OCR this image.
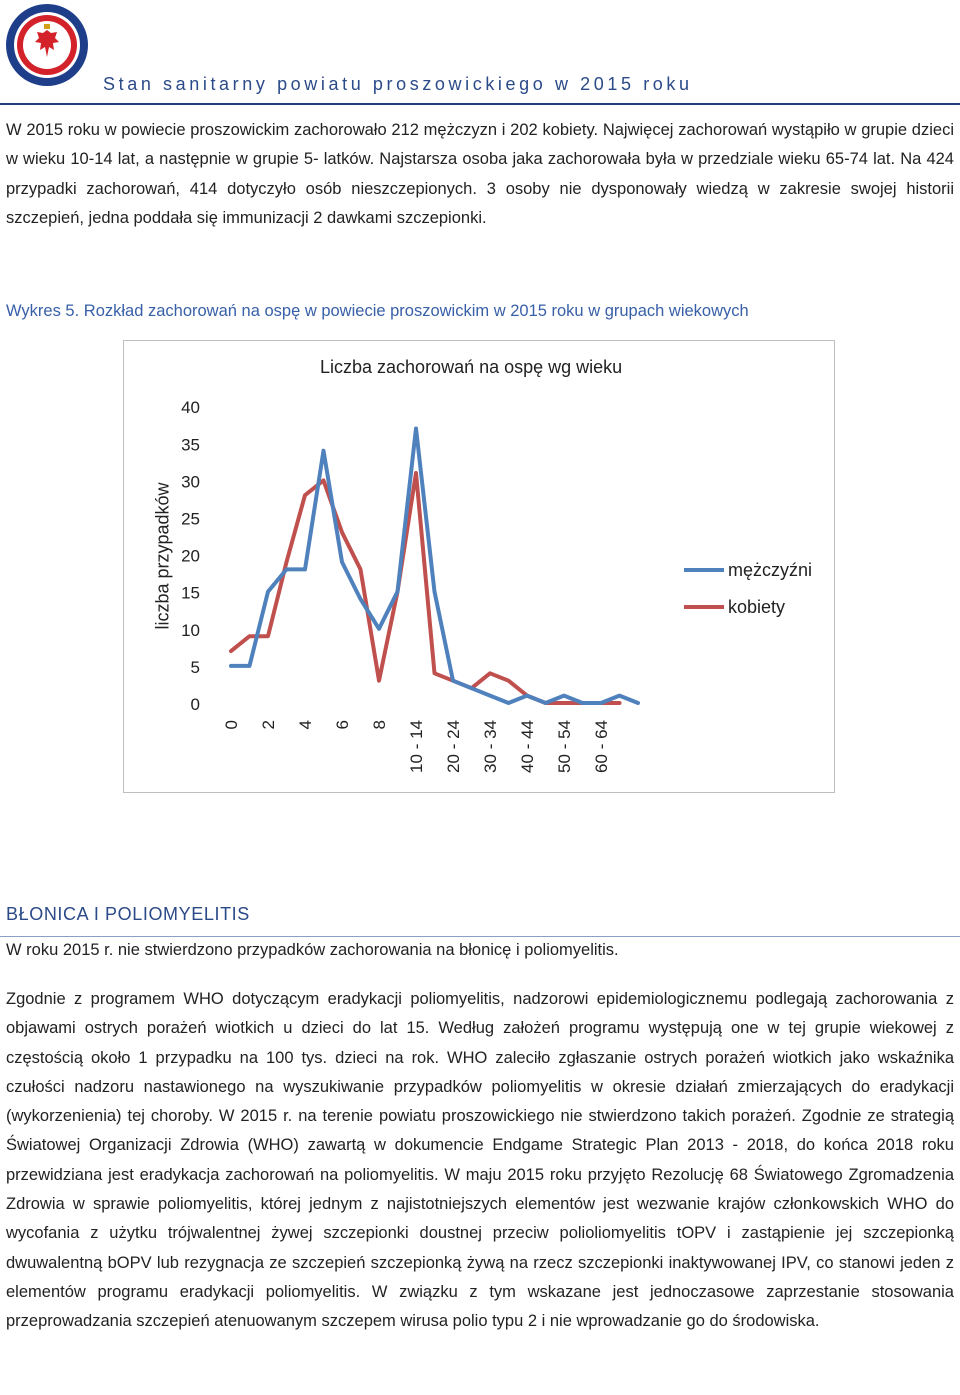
Stan sanitarny powiatu proszowickiego w 2015 roku
W 2015 roku w powiecie proszowickim zachorowało 212 mężczyzn i 202 kobiety. Najwięcej zachorowań wystąpiło w grupie dzieci w wieku 10-14 lat, a następnie w grupie 5- latków. Najstarsza osoba jaka zachorowała była w przedziale wieku 65-74 lat. Na 424 przypadki zachorowań, 414 dotyczyło osób nieszczepionych. 3 osoby nie dysponowały wiedzą w zakresie swojej historii szczepień, jedna poddała się immunizacji 2 dawkami szczepionki.
Wykres 5. Rozkład zachorowań na ospę w powiecie proszowickim w 2015 roku w grupach wiekowych
Liczba zachorowań na ospę wg wieku
liczba przypadków
0
5
10
15
20
25
30
35
40
0 2 4 6 8 10 - 14 20 - 24 30 - 34 40 - 44 50 - 54 60 - 64
mężczyźni
kobiety
BŁONICA I POLIOMYELITIS
W roku 2015 r. nie stwierdzono przypadków zachorowania na błonicę i poliomyelitis.
Zgodnie z programem WHO dotyczącym eradykacji poliomyelitis, nadzorowi epidemiologicznemu podlegają zachorowania z objawami ostrych porażeń wiotkich u dzieci do lat 15. Według założeń programu występują one w tej grupie wiekowej z częstością około 1 przypadku na 100 tys. dzieci na rok. WHO zaleciło zgłaszanie ostrych porażeń wiotkich jako wskaźnika czułości nadzoru nastawionego na wyszukiwanie przypadków poliomyelitis w okresie działań zmierzających do eradykacji (wykorzenienia) tej choroby. W 2015 r. na terenie powiatu proszowickiego nie stwierdzono takich porażeń. Zgodnie ze strategią Światowej Organizacji Zdrowia (WHO) zawartą w dokumencie Endgame Strategic Plan 2013 - 2018, do końca 2018 roku przewidziana jest eradykacja zachorowań na poliomyelitis. W maju 2015 roku przyjęto Rezolucję 68 Światowego Zgromadzenia Zdrowia w sprawie poliomyelitis, której jednym z najistotniejszych elementów jest wezwanie krajów członkowskich WHO do wycofania z użytku trójwalentnej żywej szczepionki doustnej przeciw polioliomyelitis tOPV i zastąpienie jej szczepionką dwuwalentną bOPV lub rezygnacja ze szczepień szczepionką żywą na rzecz szczepionki inaktywowanej IPV, co stanowi jeden z elementów programu eradykacji poliomyelitis. W związku z tym wskazane jest jednoczasowe zaprzestanie stosowania przeprowadzania szczepień atenuowanym szczepem wirusa polio typu 2 i nie wprowadzanie go do środowiska.
